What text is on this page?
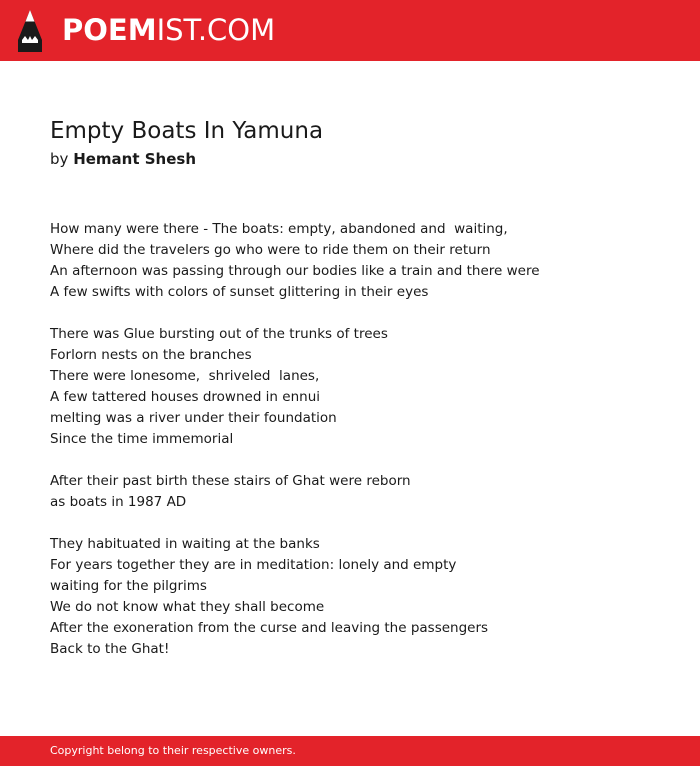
POEMIST.COM
Empty Boats In Yamuna
by Hemant Shesh
How many were there - The boats: empty, abandoned and  waiting,
Where did the travelers go who were to ride them on their return
An afternoon was passing through our bodies like a train and there were
A few swifts with colors of sunset glittering in their eyes
There was Glue bursting out of the trunks of trees
Forlorn nests on the branches
There were lonesome,  shriveled  lanes,
A few tattered houses drowned in ennui
melting was a river under their foundation
Since the time immemorial
After their past birth these stairs of Ghat were reborn
as boats in 1987 AD
They habituated in waiting at the banks
For years together they are in meditation: lonely and empty
waiting for the pilgrims
We do not know what they shall become
After the exoneration from the curse and leaving the passengers
Back to the Ghat!
Copyright belong to their respective owners.
